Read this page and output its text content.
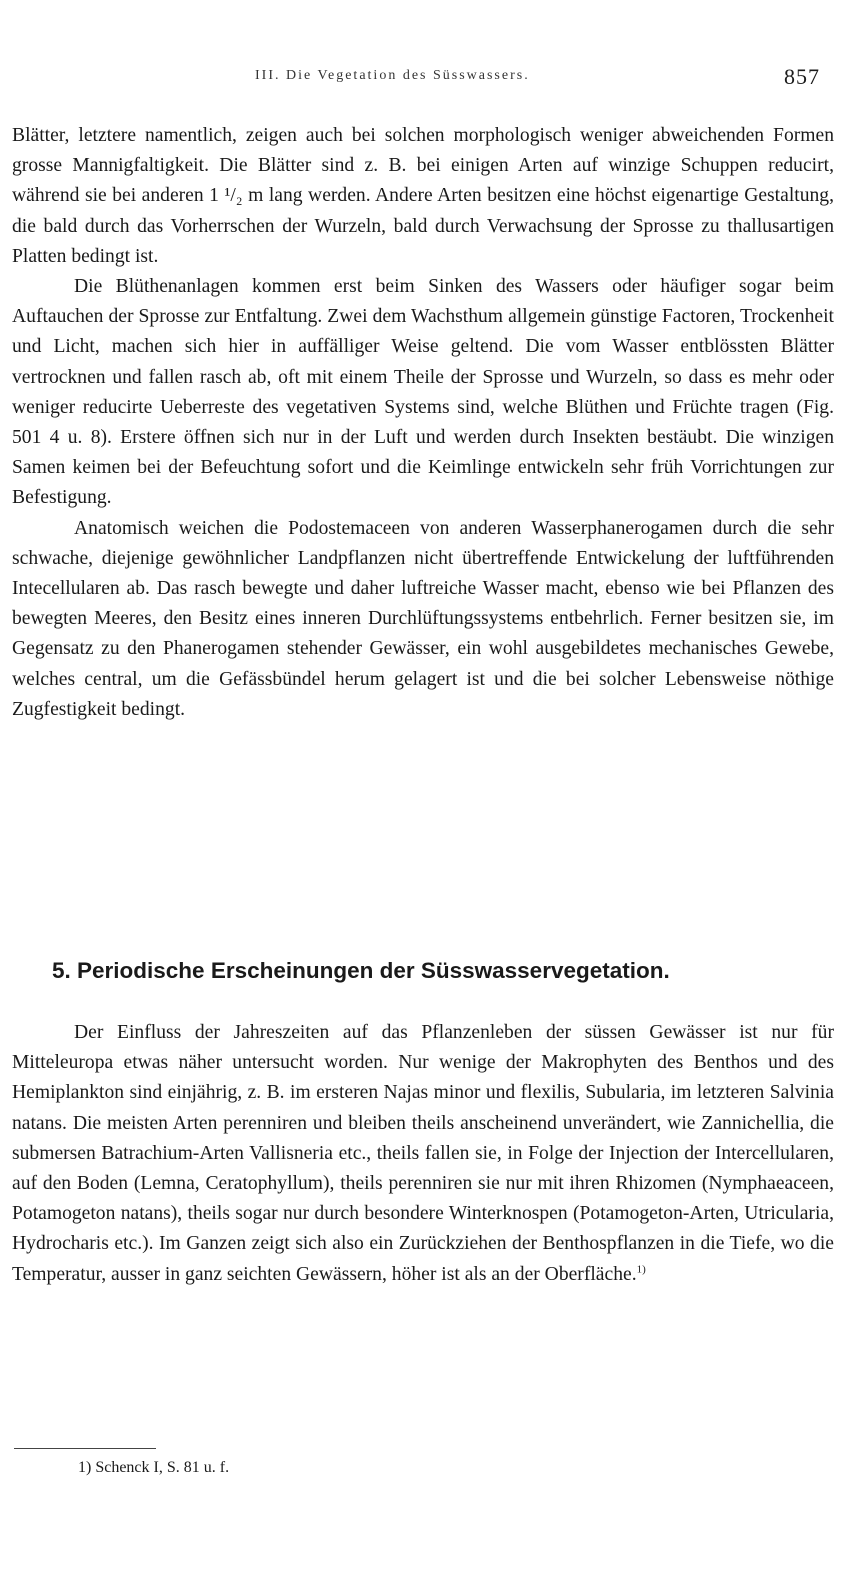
III. Die Vegetation des Süsswassers.	857

Blätter, letztere namentlich, zeigen auch bei solchen morphologisch weniger abweichenden Formen grosse Mannigfaltigkeit. Die Blätter sind z. B. bei einigen Arten auf winzige Schuppen reducirt, während sie bei anderen 1 ¹/₂ m lang werden. Andere Arten besitzen eine höchst eigenartige Gestaltung, die bald durch das Vorherrschen der Wurzeln, bald durch Verwachsung der Sprosse zu thallusartigen Platten bedingt ist.

Die Blüthenanlagen kommen erst beim Sinken des Wassers oder häufiger sogar beim Auftauchen der Sprosse zur Entfaltung. Zwei dem Wachsthum allgemein günstige Factoren, Trockenheit und Licht, machen sich hier in auffälliger Weise geltend. Die vom Wasser entblössten Blätter vertrocknen und fallen rasch ab, oft mit einem Theile der Sprosse und Wurzeln, so dass es mehr oder weniger reducirte Ueberreste des vegetativen Systems sind, welche Blüthen und Früchte tragen (Fig. 501 4 u. 8). Erstere öffnen sich nur in der Luft und werden durch Insekten bestäubt. Die winzigen Samen keimen bei der Befeuchtung sofort und die Keimlinge entwickeln sehr früh Vorrichtungen zur Befestigung.

Anatomisch weichen die Podostemaceen von anderen Wasserphanerogamen durch die sehr schwache, diejenige gewöhnlicher Landpflanzen nicht übertreffende Entwickelung der luftführenden Intecellularen ab. Das rasch bewegte und daher luftreiche Wasser macht, ebenso wie bei Pflanzen des bewegten Meeres, den Besitz eines inneren Durchlüftungssystems entbehrlich. Ferner besitzen sie, im Gegensatz zu den Phanerogamen stehender Gewässer, ein wohl ausgebildetes mechanisches Gewebe, welches central, um die Gefässbündel herum gelagert ist und die bei solcher Lebensweise nöthige Zugfestigkeit bedingt.

5. Periodische Erscheinungen der Süsswasservegetation.

Der Einfluss der Jahreszeiten auf das Pflanzenleben der süssen Gewässer ist nur für Mitteleuropa etwas näher untersucht worden. Nur wenige der Makrophyten des Benthos und des Hemiplankton sind einjährig, z. B. im ersteren Najas minor und flexilis, Subularia, im letzteren Salvinia natans. Die meisten Arten perenniren und bleiben theils anscheinend unverändert, wie Zannichellia, die submersen Batrachium-Arten Vallisneria etc., theils fallen sie, in Folge der Injection der Intercellularen, auf den Boden (Lemna, Ceratophyllum), theils perenniren sie nur mit ihren Rhizomen (Nymphaeaceen, Potamogeton natans), theils sogar nur durch besondere Winterknospen (Potamogeton-Arten, Utricularia, Hydrocharis etc.). Im Ganzen zeigt sich also ein Zurückziehen der Benthospflanzen in die Tiefe, wo die Temperatur, ausser in ganz seichten Gewässern, höher ist als an der Oberfläche.$^{1)}$

1) Schenck I, S. 81 u. f.
